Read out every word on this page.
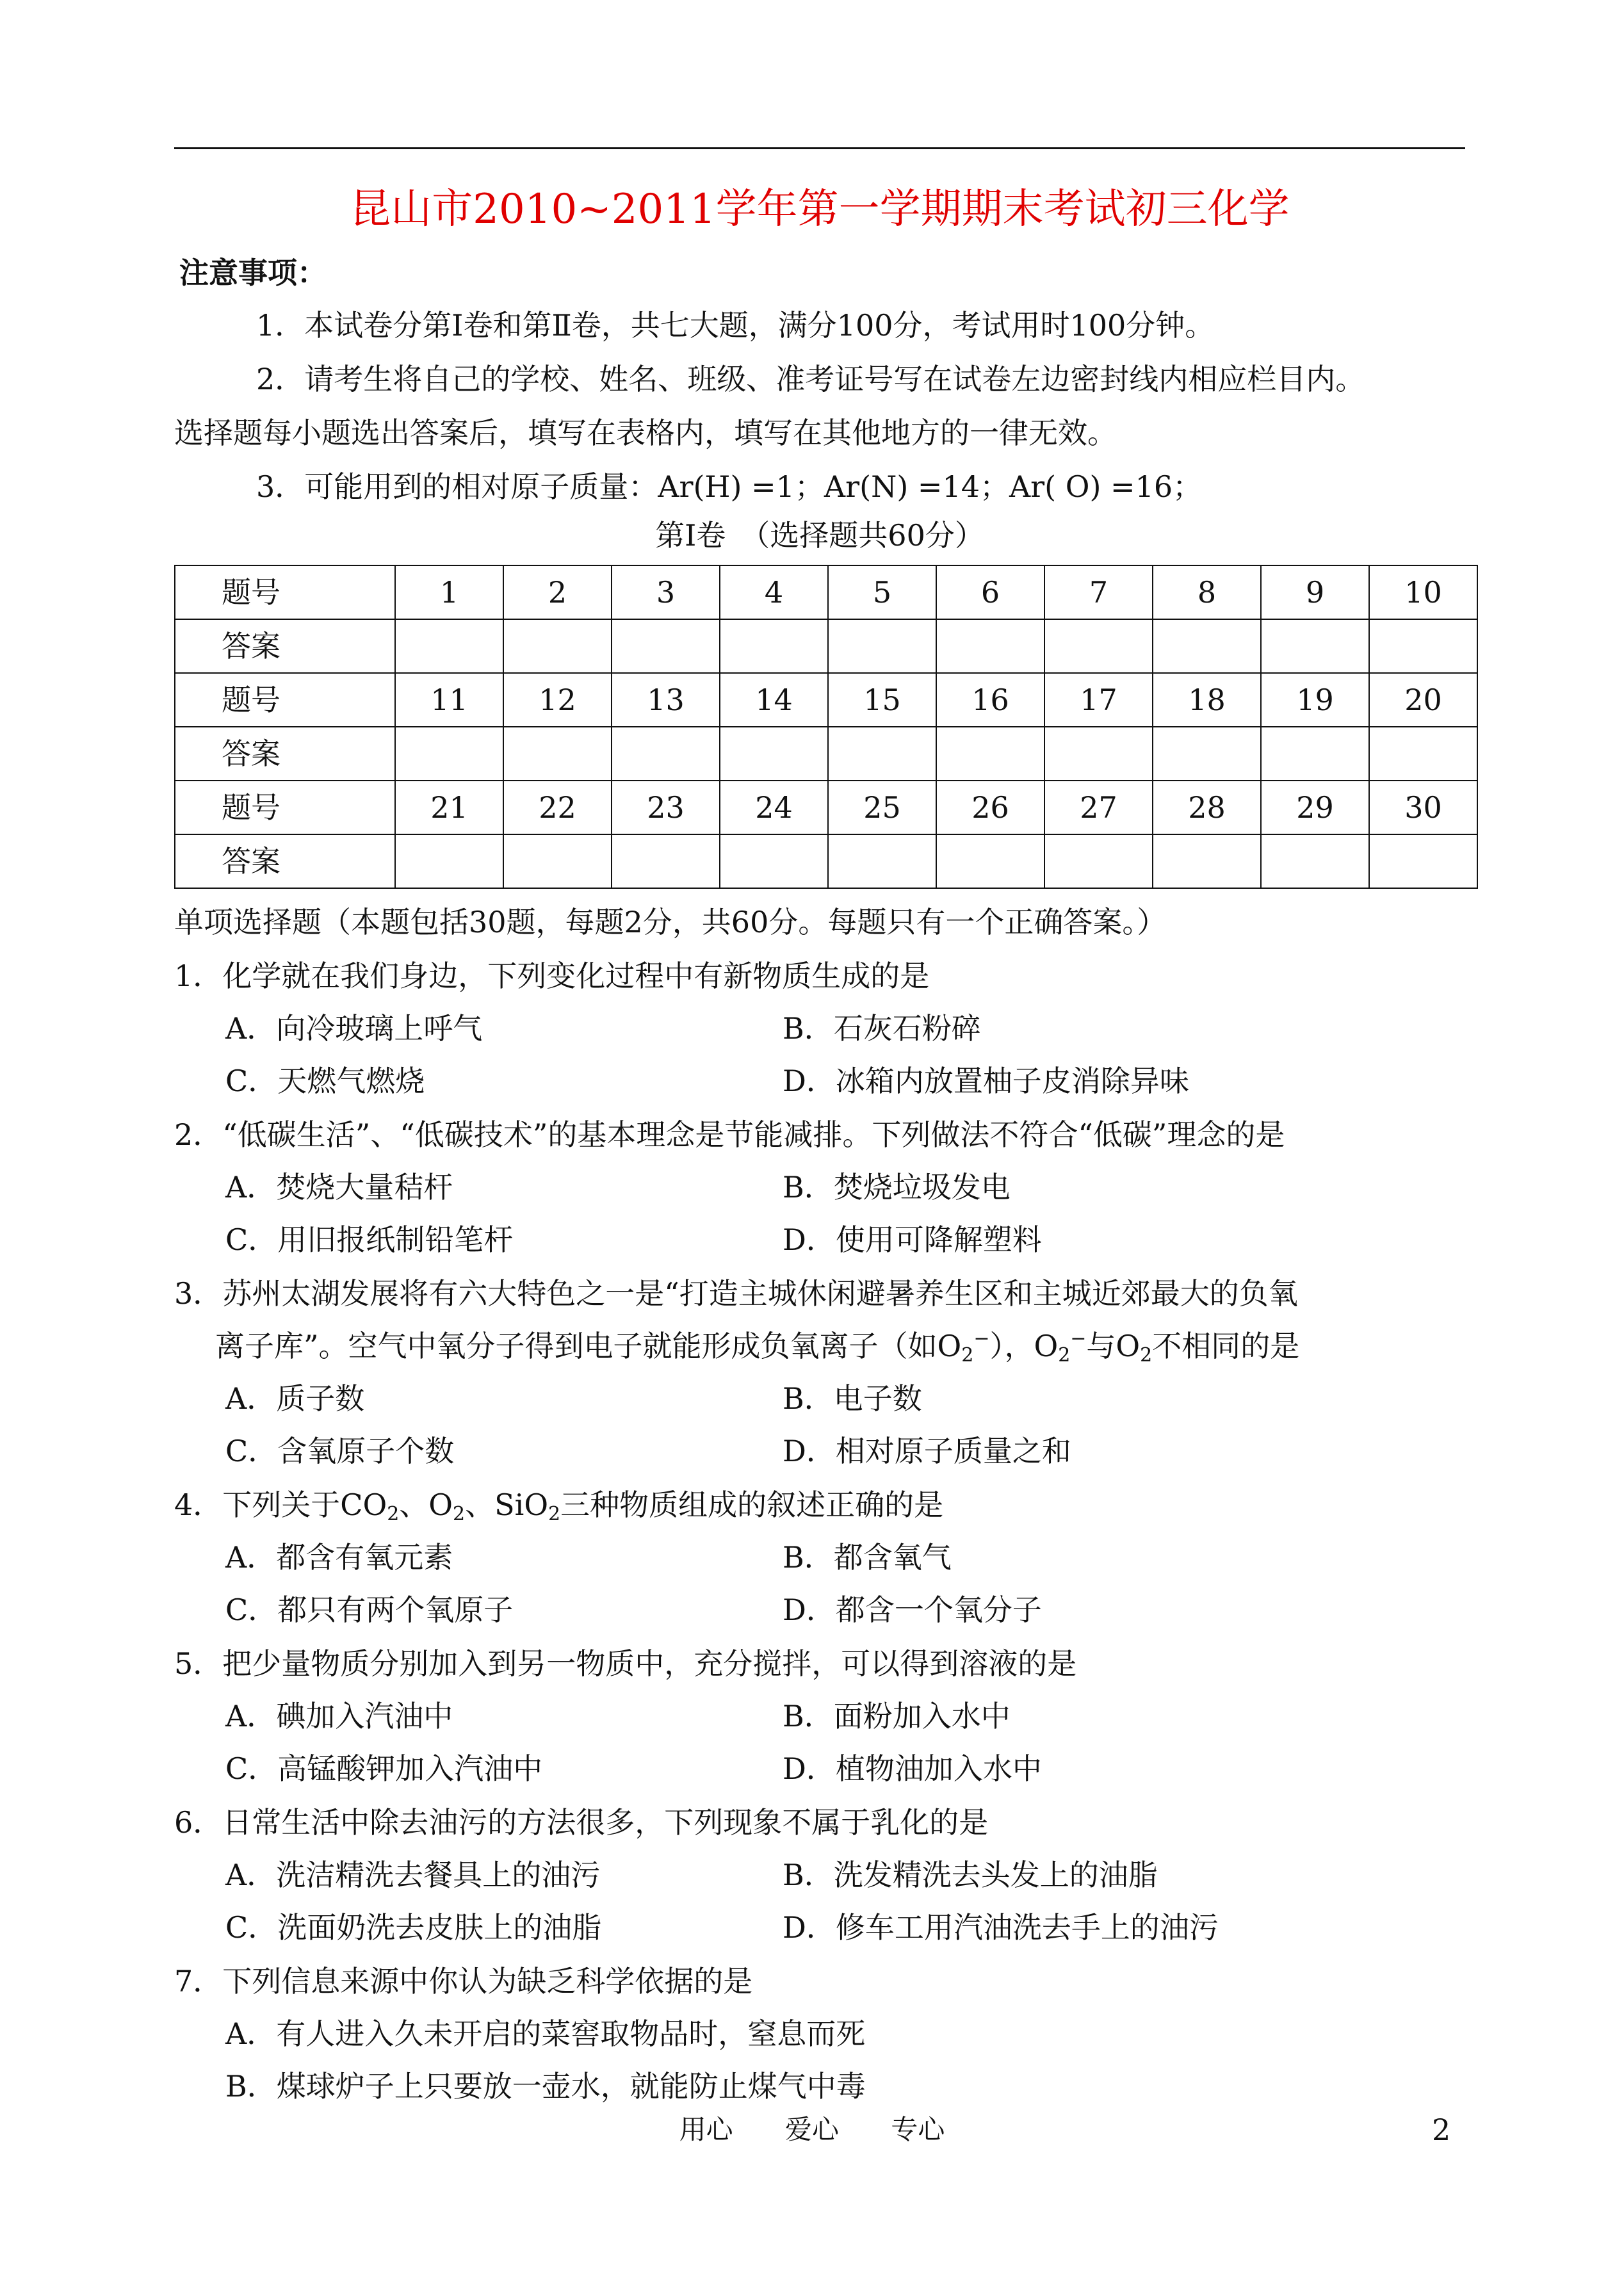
昆山市2010~2011学年第一学期期末考试初三化学
注意事项：
1．本试卷分第Ⅰ卷和第Ⅱ卷，共七大题，满分100分，考试用时100分钟。
2．请考生将自己的学校、姓名、班级、准考证号写在试卷左边密封线内相应栏目内。
选择题每小题选出答案后，填写在表格内，填写在其他地方的一律无效。
3．可能用到的相对原子质量：Ar(H) =1；Ar(N) =14；Ar( O) =16；
第Ⅰ卷　（选择题共60分）
题号	1	2	3	4	5	6	7	8	9	10
答案										
题号	11	12	13	14	15	16	17	18	19	20
答案										
题号	21	22	23	24	25	26	27	28	29	30
答案										
单项选择题（本题包括30题，每题2分，共60分。每题只有一个正确答案。）
1．化学就在我们身边，下列变化过程中有新物质生成的是
A．向冷玻璃上呼气	B．石灰石粉碎
C．天燃气燃烧	D．冰箱内放置柚子皮消除异味
2．“低碳生活”、“低碳技术”的基本理念是节能减排。下列做法不符合“低碳”理念的是
A．焚烧大量秸杆	B．焚烧垃圾发电
C．用旧报纸制铅笔杆	D．使用可降解塑料
3．苏州太湖发展将有六大特色之一是“打造主城休闲避暑养生区和主城近郊最大的负氧
离子库”。空气中氧分子得到电子就能形成负氧离子（如$O_2^-$），$O_2^-$与$O_2$不相同的是
A．质子数	B．电子数
C．含氧原子个数	D．相对原子质量之和
4．下列关于$CO_2$、$O_2$、SiO$_2$三种物质组成的叙述正确的是
A．都含有氧元素	B．都含氧气
C．都只有两个氧原子	D．都含一个氧分子
5．把少量物质分别加入到另一物质中，充分搅拌，可以得到溶液的是
A．碘加入汽油中	B．面粉加入水中
C．高锰酸钾加入汽油中	D．植物油加入水中
6．日常生活中除去油污的方法很多，下列现象不属于乳化的是
A．洗洁精洗去餐具上的油污	B．洗发精洗去头发上的油脂
C．洗面奶洗去皮肤上的油脂	D．修车工用汽油洗去手上的油污
7．下列信息来源中你认为缺乏科学依据的是
A．有人进入久未开启的菜窖取物品时，窒息而死
B．煤球炉子上只要放一壶水，就能防止煤气中毒
用心 爱心 专心	2
